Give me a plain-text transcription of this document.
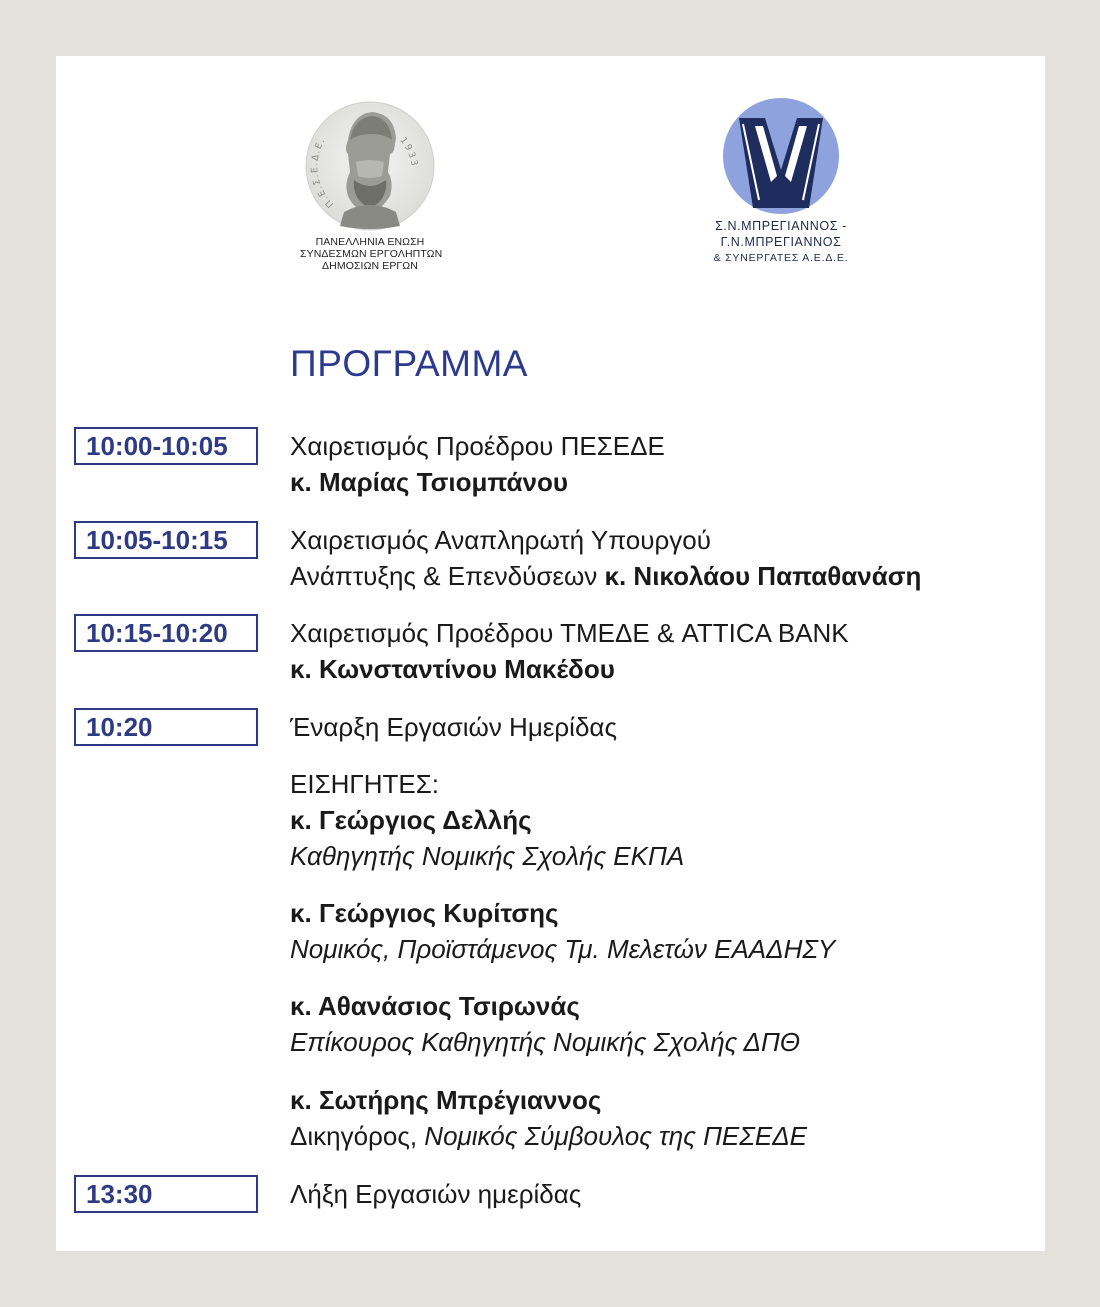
Π.Ε.Σ.Ε.Δ.Ε.	1933
ΠΑΝΕΛΛΗΝΙΑ ΕΝΩΣΗ
ΣΥΝΔΕΣΜΩΝ ΕΡΓΟΛΗΠΤΩΝ
ΔΗΜΟΣΙΩΝ ΕΡΓΩΝ
Σ.Ν.ΜΠΡΕΓΙΑΝΝΟΣ -
Γ.Ν.ΜΠΡΕΓΙΑΝΝΟΣ
& ΣΥΝΕΡΓΑΤΕΣ Α.Ε.Δ.Ε.
ΠΡΟΓΡΑΜΜΑ
10:00-10:05	Χαιρετισμός Προέδρου ΠΕΣΕΔΕ
κ. Μαρίας Τσιομπάνου
10:05-10:15	Χαιρετισμός Αναπληρωτή Υπουργού
Ανάπτυξης & Επενδύσεων κ. Νικολάου Παπαθανάση
10:15-10:20	Χαιρετισμός Προέδρου ΤΜΕΔΕ & ATTICA BANK
κ. Κωνσταντίνου Μακέδου
10:20	Έναρξη Εργασιών Ημερίδας
ΕΙΣΗΓΗΤΕΣ:
κ. Γεώργιος Δελλής
Καθηγητής Νομικής Σχολής ΕΚΠΑ
κ. Γεώργιος Κυρίτσης
Νομικός, Προϊστάμενος Τμ. Μελετών ΕΑΑΔΗΣΥ
κ. Αθανάσιος Τσιρωνάς
Επίκουρος Καθηγητής Νομικής Σχολής ΔΠΘ
κ. Σωτήρης Μπρέγιαννος
Δικηγόρος, Νομικός Σύμβουλος της ΠΕΣΕΔΕ
13:30	Λήξη Εργασιών ημερίδας
